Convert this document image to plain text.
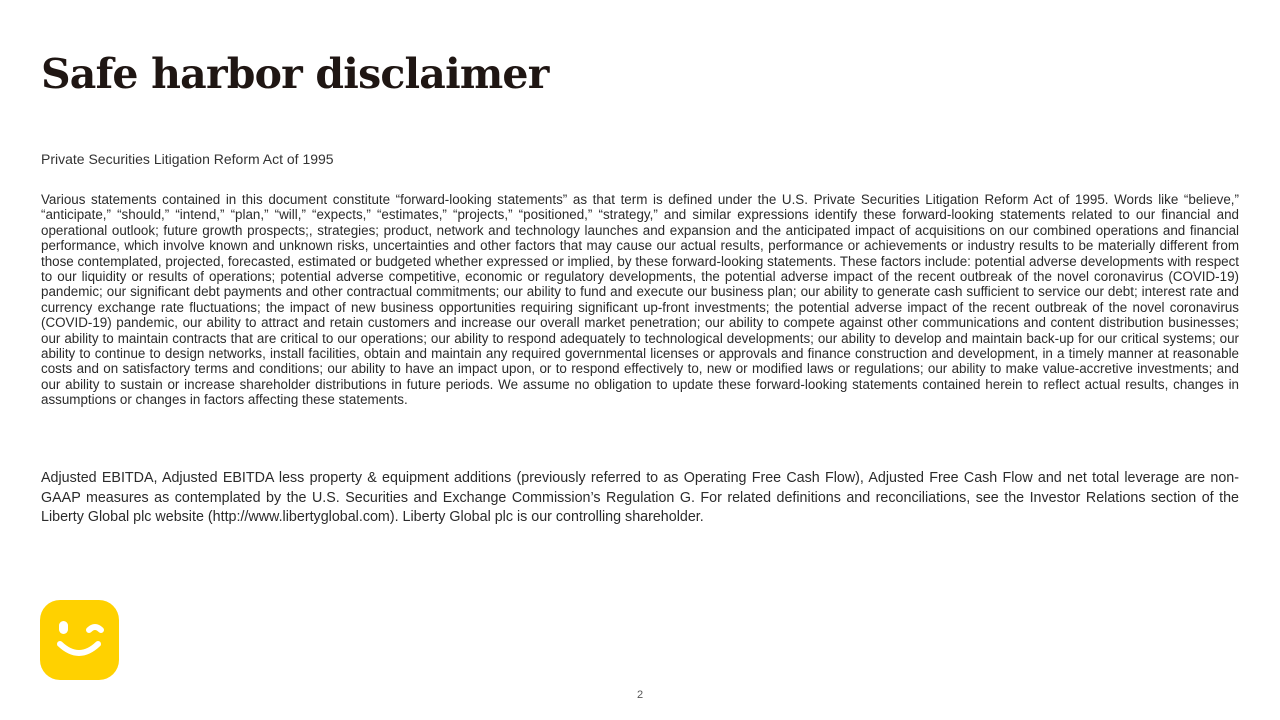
Safe harbor disclaimer

Private Securities Litigation Reform Act of 1995

Various statements contained in this document constitute “forward-looking statements” as that term is defined under the U.S. Private Securities Litigation Reform Act of 1995. Words like “believe,” “anticipate,” “should,” “intend,” “plan,” “will,” “expects,” “estimates,” “projects,” “positioned,” “strategy,” and similar expressions identify these forward-looking statements related to our financial and operational outlook; future growth prospects;, strategies; product, network and technology launches and expansion and the anticipated impact of acquisitions on our combined operations and financial performance, which involve known and unknown risks, uncertainties and other factors that may cause our actual results, performance or achievements or industry results to be materially different from those contemplated, projected, forecasted, estimated or budgeted whether expressed or implied, by these forward-looking statements. These factors include: potential adverse developments with respect to our liquidity or results of operations; potential adverse competitive, economic or regulatory developments, the potential adverse impact of the recent outbreak of the novel coronavirus (COVID-19) pandemic; our significant debt payments and other contractual commitments; our ability to fund and execute our business plan; our ability to generate cash sufficient to service our debt; interest rate and currency exchange rate fluctuations; the impact of new business opportunities requiring significant up-front investments; the potential adverse impact of the recent outbreak of the novel coronavirus (COVID-19) pandemic, our ability to attract and retain customers and increase our overall market penetration; our ability to compete against other communications and content distribution businesses; our ability to maintain contracts that are critical to our operations; our ability to respond adequately to technological developments; our ability to develop and maintain back-up for our critical systems; our ability to continue to design networks, install facilities, obtain and maintain any required governmental licenses or approvals and finance construction and development, in a timely manner at reasonable costs and on satisfactory terms and conditions; our ability to have an impact upon, or to respond effectively to, new or modified laws or regulations; our ability to make value-accretive investments; and our ability to sustain or increase shareholder distributions in future periods. We assume no obligation to update these forward-looking statements contained herein to reflect actual results, changes in assumptions or changes in factors affecting these statements.

Adjusted EBITDA, Adjusted EBITDA less property & equipment additions (previously referred to as Operating Free Cash Flow), Adjusted Free Cash Flow and net total leverage are non-GAAP measures as contemplated by the U.S. Securities and Exchange Commission’s Regulation G. For related definitions and reconciliations, see the Investor Relations section of the Liberty Global plc website (http://www.libertyglobal.com). Liberty Global plc is our controlling shareholder.

2
